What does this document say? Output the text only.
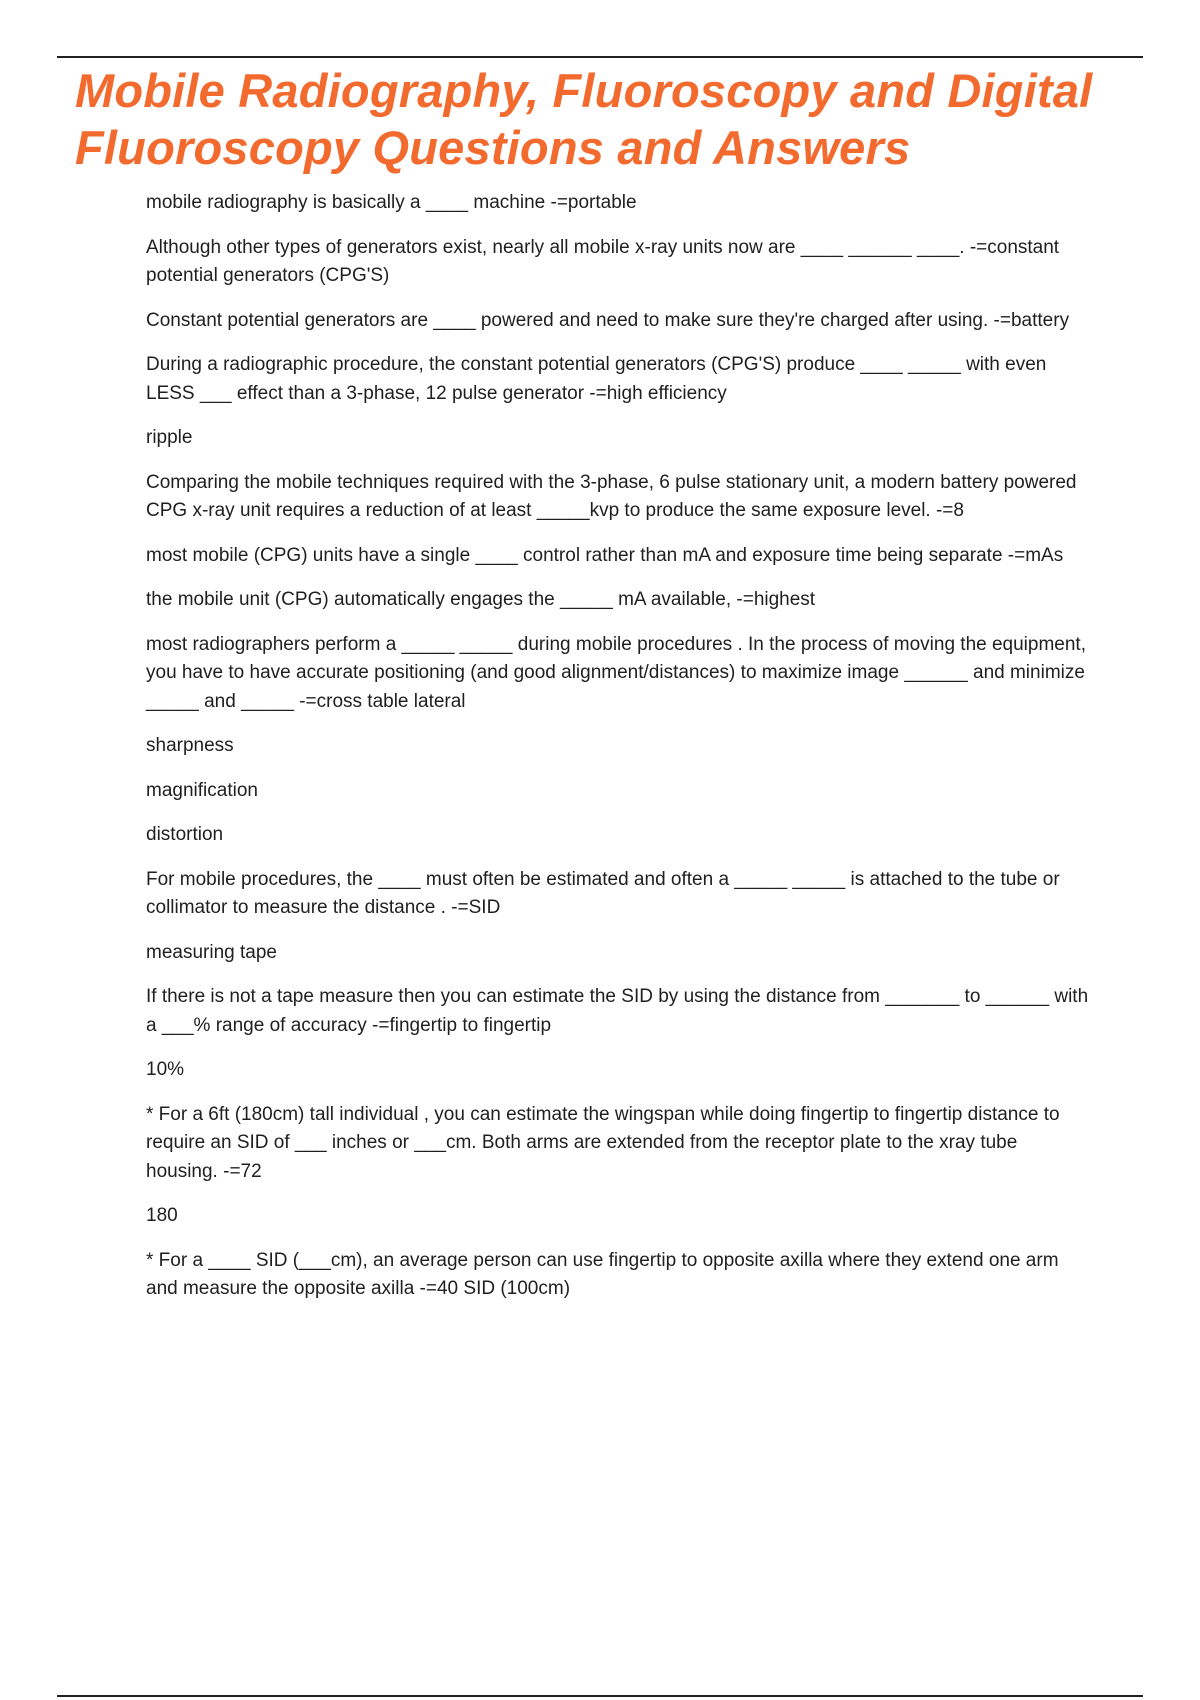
Mobile Radiography, Fluoroscopy and Digital Fluoroscopy Questions and Answers

mobile radiography is basically a ____ machine -=portable

Although other types of generators exist, nearly all mobile x-ray units now are ____ ______ ____. -=constant potential generators (CPG'S)

Constant potential generators are ____ powered and need to make sure they're charged after using. -=battery

During a radiographic procedure, the constant potential generators (CPG'S) produce ____ _____ with even LESS ___ effect than a 3-phase, 12 pulse generator -=high efficiency

ripple

Comparing the mobile techniques required with the 3-phase, 6 pulse stationary unit, a modern battery powered CPG x-ray unit requires a reduction of at least _____kvp to produce the same exposure level. -=8

most mobile (CPG) units have a single ____ control rather than mA and exposure time being separate -=mAs

the mobile unit (CPG) automatically engages the _____ mA available, -=highest

most radiographers perform a _____ _____ during mobile procedures . In the process of moving the equipment, you have to have accurate positioning (and good alignment/distances) to maximize image ______ and minimize _____ and _____ -=cross table lateral

sharpness

magnification

distortion

For mobile procedures, the ____ must often be estimated and often a _____ _____ is attached to the tube or collimator to measure the distance . -=SID

measuring tape

If there is not a tape measure then you can estimate the SID by using the distance from _______ to ______ with a ___% range of accuracy -=fingertip to fingertip

10%

* For a 6ft (180cm) tall individual , you can estimate the wingspan while doing fingertip to fingertip distance to require an SID of ___ inches or ___cm. Both arms are extended from the receptor plate to the xray tube housing. -=72

180

* For a ____ SID (___cm), an average person can use fingertip to opposite axilla where they extend one arm and measure the opposite axilla -=40 SID (100cm)
